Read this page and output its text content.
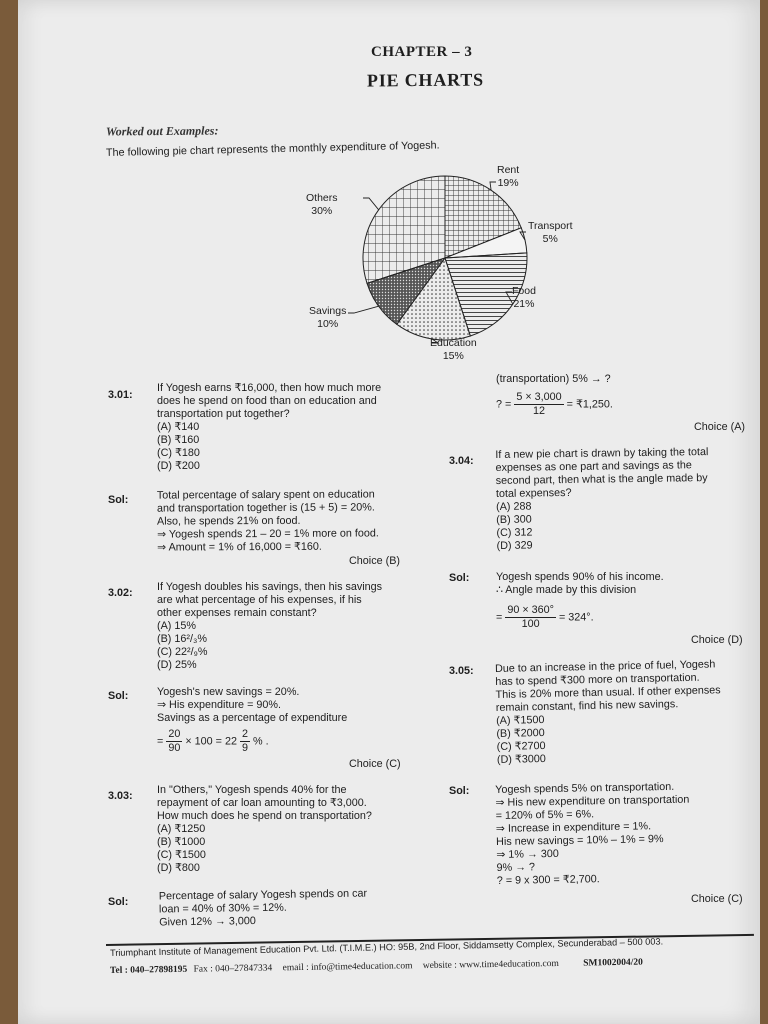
CHAPTER – 3
PIE CHARTS
Worked out Examples:
The following pie chart represents the monthly expenditure of Yogesh.
Rent
19%
Transport
5%
Food
21%
Education
15%
Savings
10%
Others
30%
3.01:
If Yogesh earns ₹16,000, then how much more
does he spend on food than on education and
transportation put together?
(A) ₹140
(B) ₹160
(C) ₹180
(D) ₹200
Sol:	Total percentage of salary spent on education
and transportation together is (15 + 5) = 20%.
Also, he spends 21% on food.
⇒ Yogesh spends 21 – 20 = 1% more on food.
⇒ Amount = 1% of 16,000 = ₹160.
Choice (B)
3.02: If Yogesh doubles his savings, then his savings
are what percentage of his expenses, if his
other expenses remain constant?
(A) 15%
(B) 16²/₃%
(C) 22²/₉%
(D) 25%
Sol:	Yogesh's new savings = 20%.
⇒ His expenditure = 90%.
Savings as a percentage of expenditure
= $\frac{20}{90} \times 100 = 22 \frac{2}{9}$ % .
Choice (C)
3.03: In "Others," Yogesh spends 40% for the
repayment of car loan amounting to ₹3,000.
How much does he spend on transportation?
(A) ₹1250
(B) ₹1000
(C) ₹1500
(D) ₹800
Sol:	Percentage of salary Yogesh spends on car
loan = 40% of 30% = 12%.
Given 12% → 3,000
(transportation) 5% → ?
? = $\frac{5 \times 3,000}{12}$ = ₹1,250.
Choice (A)
3.04: If a new pie chart is drawn by taking the total
expenses as one part and savings as the
second part, then what is the angle made by
total expenses?
(A) 288
(B) 300
(C) 312
(D) 329
Sol: Yogesh spends 90% of his income.
∴ Angle made by this division
= $\frac{90 \times 360^\circ}{100} = 324^\circ$.
Choice (D)
3.05: Due to an increase in the price of fuel, Yogesh
has to spend ₹300 more on transportation.
This is 20% more than usual. If other expenses
remain constant, find his new savings.
(A) ₹1500
(B) ₹2000
(C) ₹2700
(D) ₹3000
Sol: Yogesh spends 5% on transportation.
⇒ His new expenditure on transportation
= 120% of 5% = 6%.
⇒ Increase in expenditure = 1%.
His new savings = 10% – 1% = 9%
⇒ 1% → 300
9% → ?
? = 9 x 300 = ₹2,700.
Choice (C)
Triumphant Institute of Management Education Pvt. Ltd. (T.I.M.E.) HO: 95B, 2nd Floor, Siddamsetty Complex, Secunderabad – 500 003.
Tel : 040–27898195 Fax : 040–27847334 email : info@time4education.com website : www.time4education.com	SM1002004/20
